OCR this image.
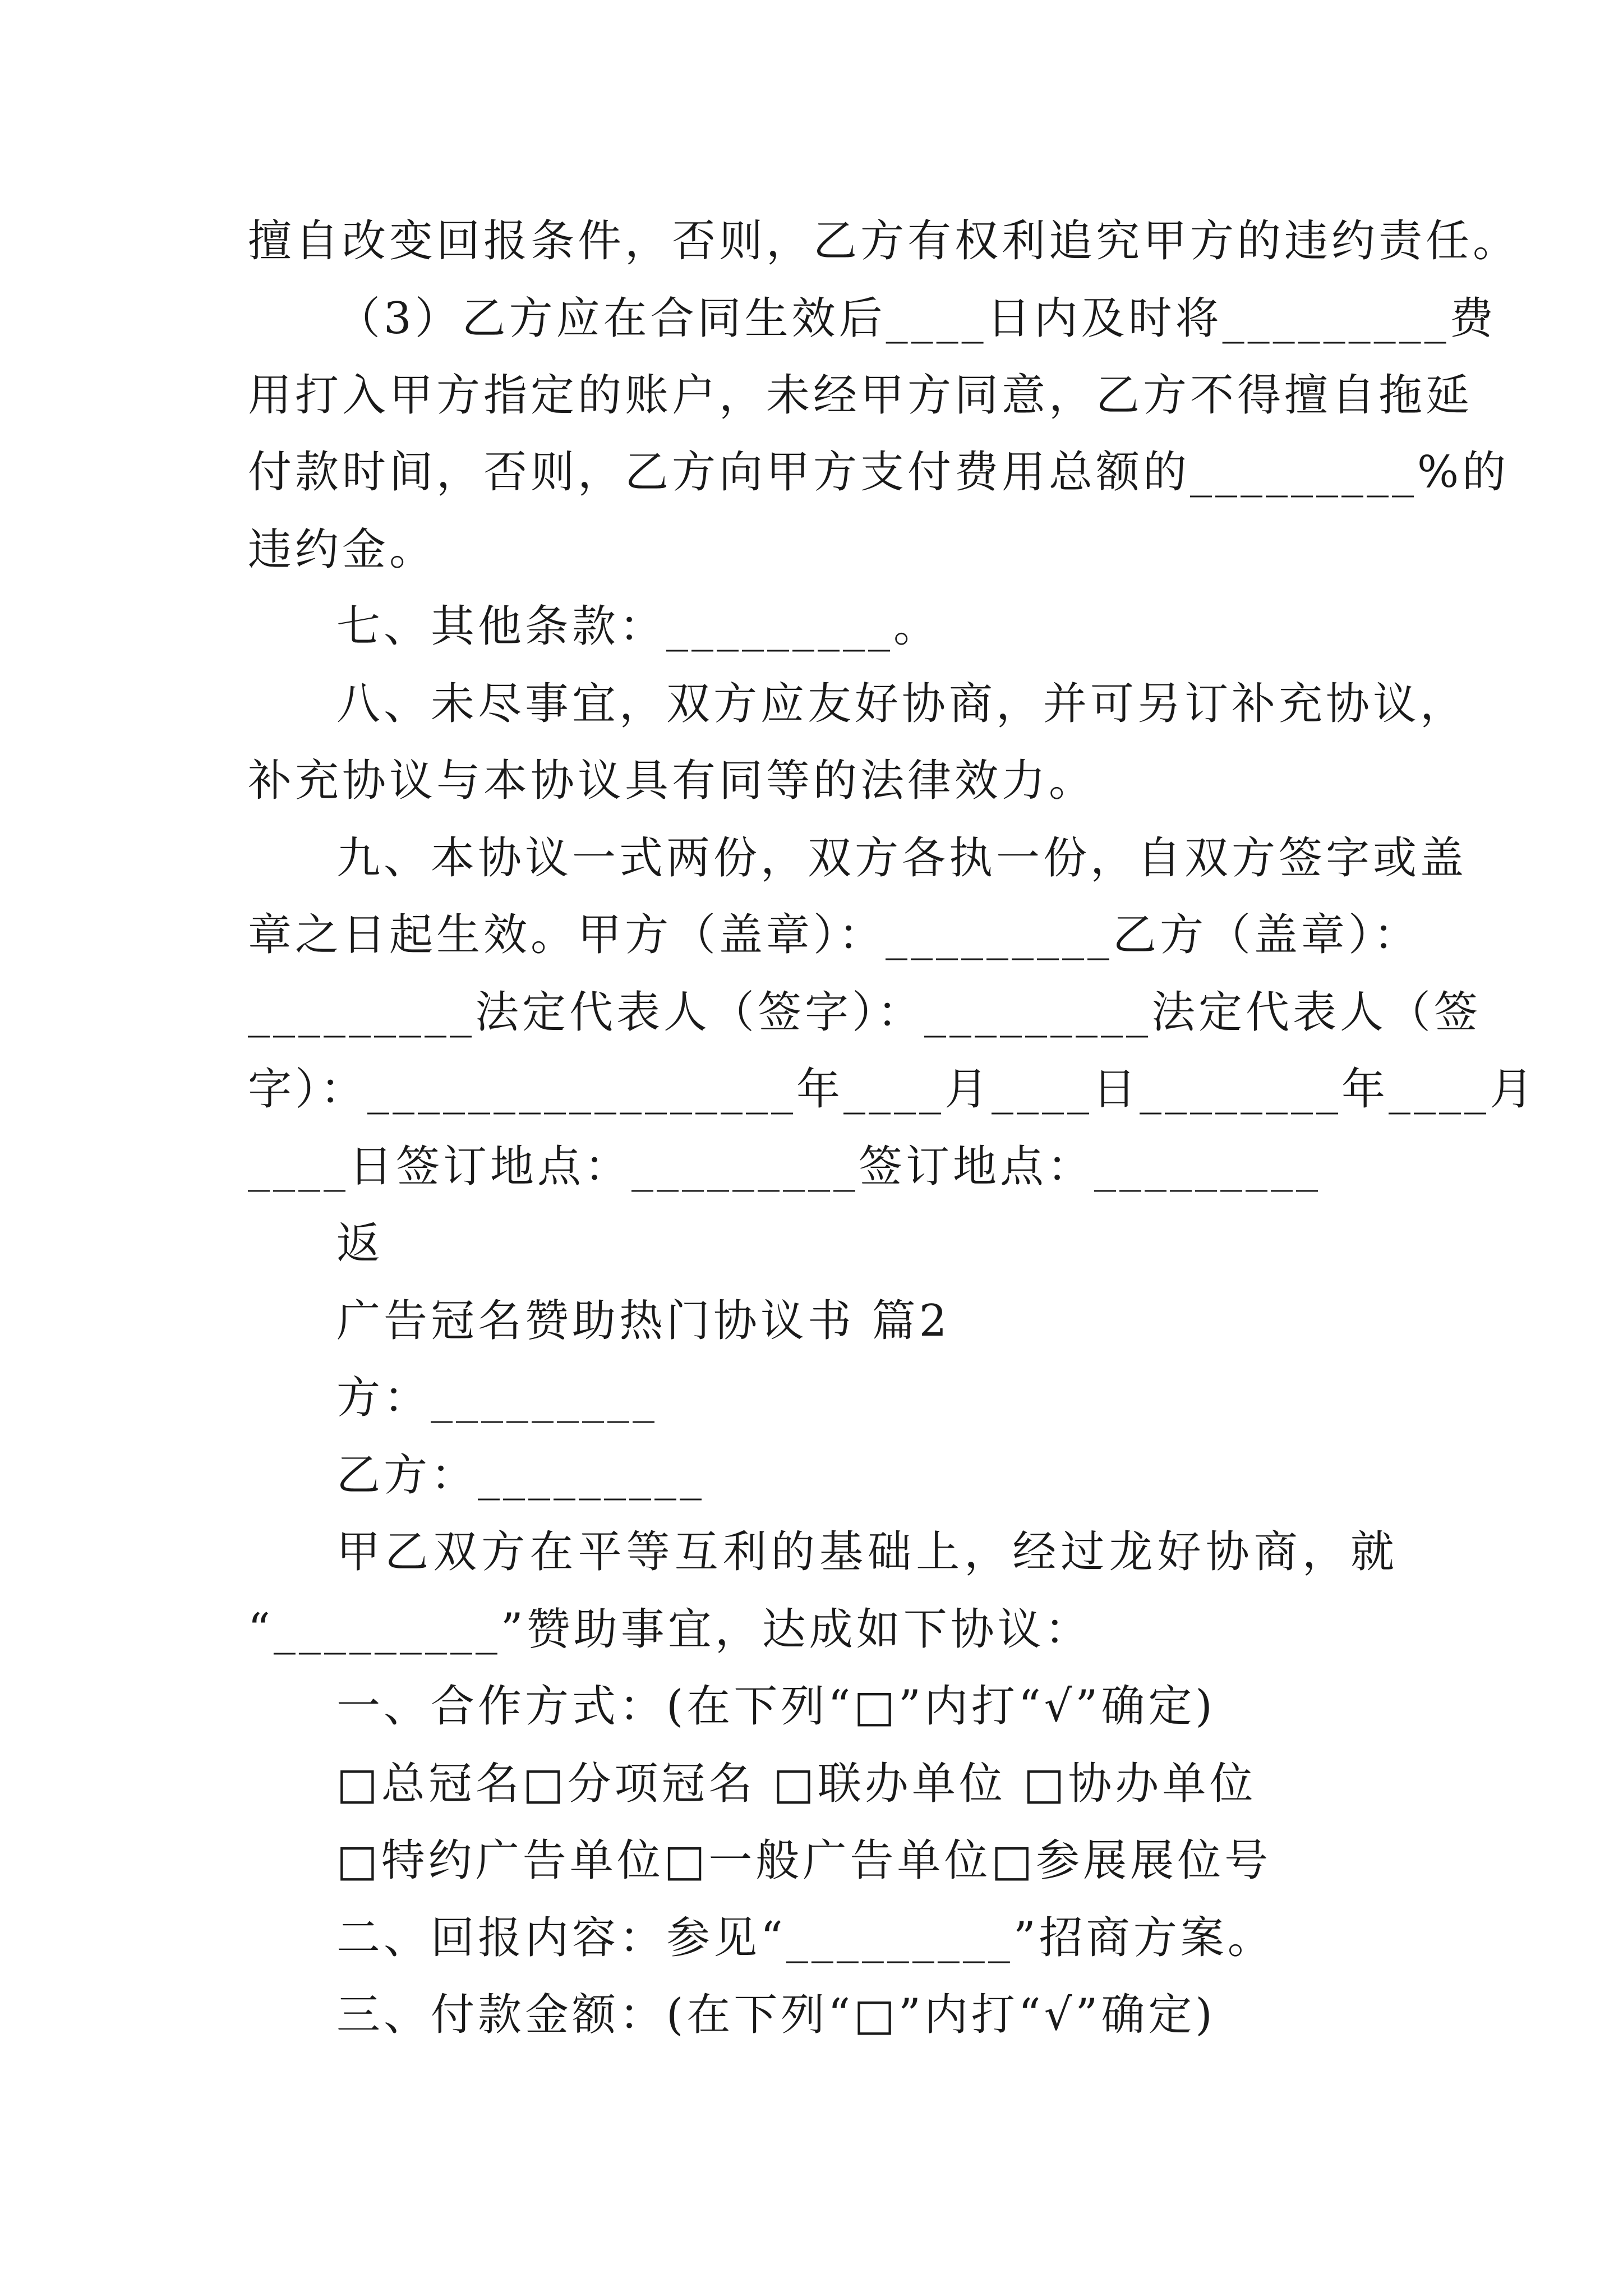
擅自改变回报条件，否则，乙方有权利追究甲方的违约责任。
（3）乙方应在合同生效后____日内及时将_________费
用打入甲方指定的账户，未经甲方同意，乙方不得擅自拖延
付款时间，否则，乙方向甲方支付费用总额的_________%的
违约金。
七、其他条款：_________。
八、未尽事宜，双方应友好协商，并可另订补充协议，
补充协议与本协议具有同等的法律效力。
九、本协议一式两份，双方各执一份，自双方签字或盖
章之日起生效。甲方（盖章）：_________乙方（盖章）：
_________法定代表人（签字）：_________法定代表人（签
字）：_________________年____月____日________年____月
____日签订地点：_________签订地点：_________
返
广告冠名赞助热门协议书 篇2
方：_________
乙方：_________
甲乙双方在平等互利的基础上，经过龙好协商，就
“_________”赞助事宜，达成如下协议：
一、合作方式：(在下列“□”内打“√”确定)
□总冠名□分项冠名 □联办单位 □协办单位
□特约广告单位□一般广告单位□参展展位号
二、回报内容：参见“_________”招商方案。
三、付款金额：(在下列“□”内打“√”确定)
